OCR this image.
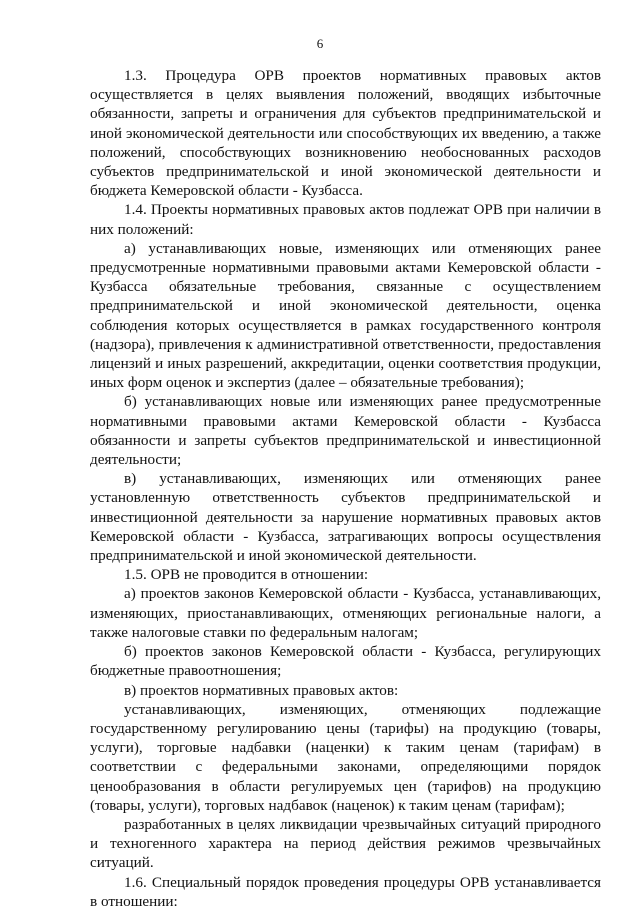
6

1.3. Процедура ОРВ проектов нормативных правовых актов осуществляется в целях выявления положений, вводящих избыточные обязанности, запреты и ограничения для субъектов предпринимательской и иной экономической деятельности или способствующих их введению, а также положений, способствующих возникновению необоснованных расходов субъектов предпринимательской и иной экономической деятельности и бюджета Кемеровской области - Кузбасса.

1.4. Проекты нормативных правовых актов подлежат ОРВ при наличии в них положений:

а) устанавливающих новые, изменяющих или отменяющих ранее предусмотренные нормативными правовыми актами Кемеровской области - Кузбасса обязательные требования, связанные с осуществлением предпринимательской и иной экономической деятельности, оценка соблюдения которых осуществляется в рамках государственного контроля (надзора), привлечения к административной ответственности, предоставления лицензий и иных разрешений, аккредитации, оценки соответствия продукции, иных форм оценок и экспертиз (далее – обязательные требования);

б) устанавливающих новые или изменяющих ранее предусмотренные нормативными правовыми актами Кемеровской области - Кузбасса обязанности и запреты субъектов предпринимательской и инвестиционной деятельности;

в) устанавливающих, изменяющих или отменяющих ранее установленную ответственность субъектов предпринимательской и инвестиционной деятельности за нарушение нормативных правовых актов Кемеровской области - Кузбасса, затрагивающих вопросы осуществления предпринимательской и иной экономической деятельности.

1.5. ОРВ не проводится в отношении:

а) проектов законов Кемеровской области - Кузбасса, устанавливающих, изменяющих, приостанавливающих, отменяющих региональные налоги, а также налоговые ставки по федеральным налогам;

б) проектов законов Кемеровской области - Кузбасса, регулирующих бюджетные правоотношения;

в) проектов нормативных правовых актов:

устанавливающих, изменяющих, отменяющих подлежащие государственному регулированию цены (тарифы) на продукцию (товары, услуги), торговые надбавки (наценки) к таким ценам (тарифам) в соответствии с федеральными законами, определяющими порядок ценообразования в области регулируемых цен (тарифов) на продукцию (товары, услуги), торговых надбавок (наценок) к таким ценам (тарифам);

разработанных в целях ликвидации чрезвычайных ситуаций природного и техногенного характера на период действия режимов чрезвычайных ситуаций.

1.6. Специальный порядок проведения процедуры ОРВ устанавливается в отношении:
